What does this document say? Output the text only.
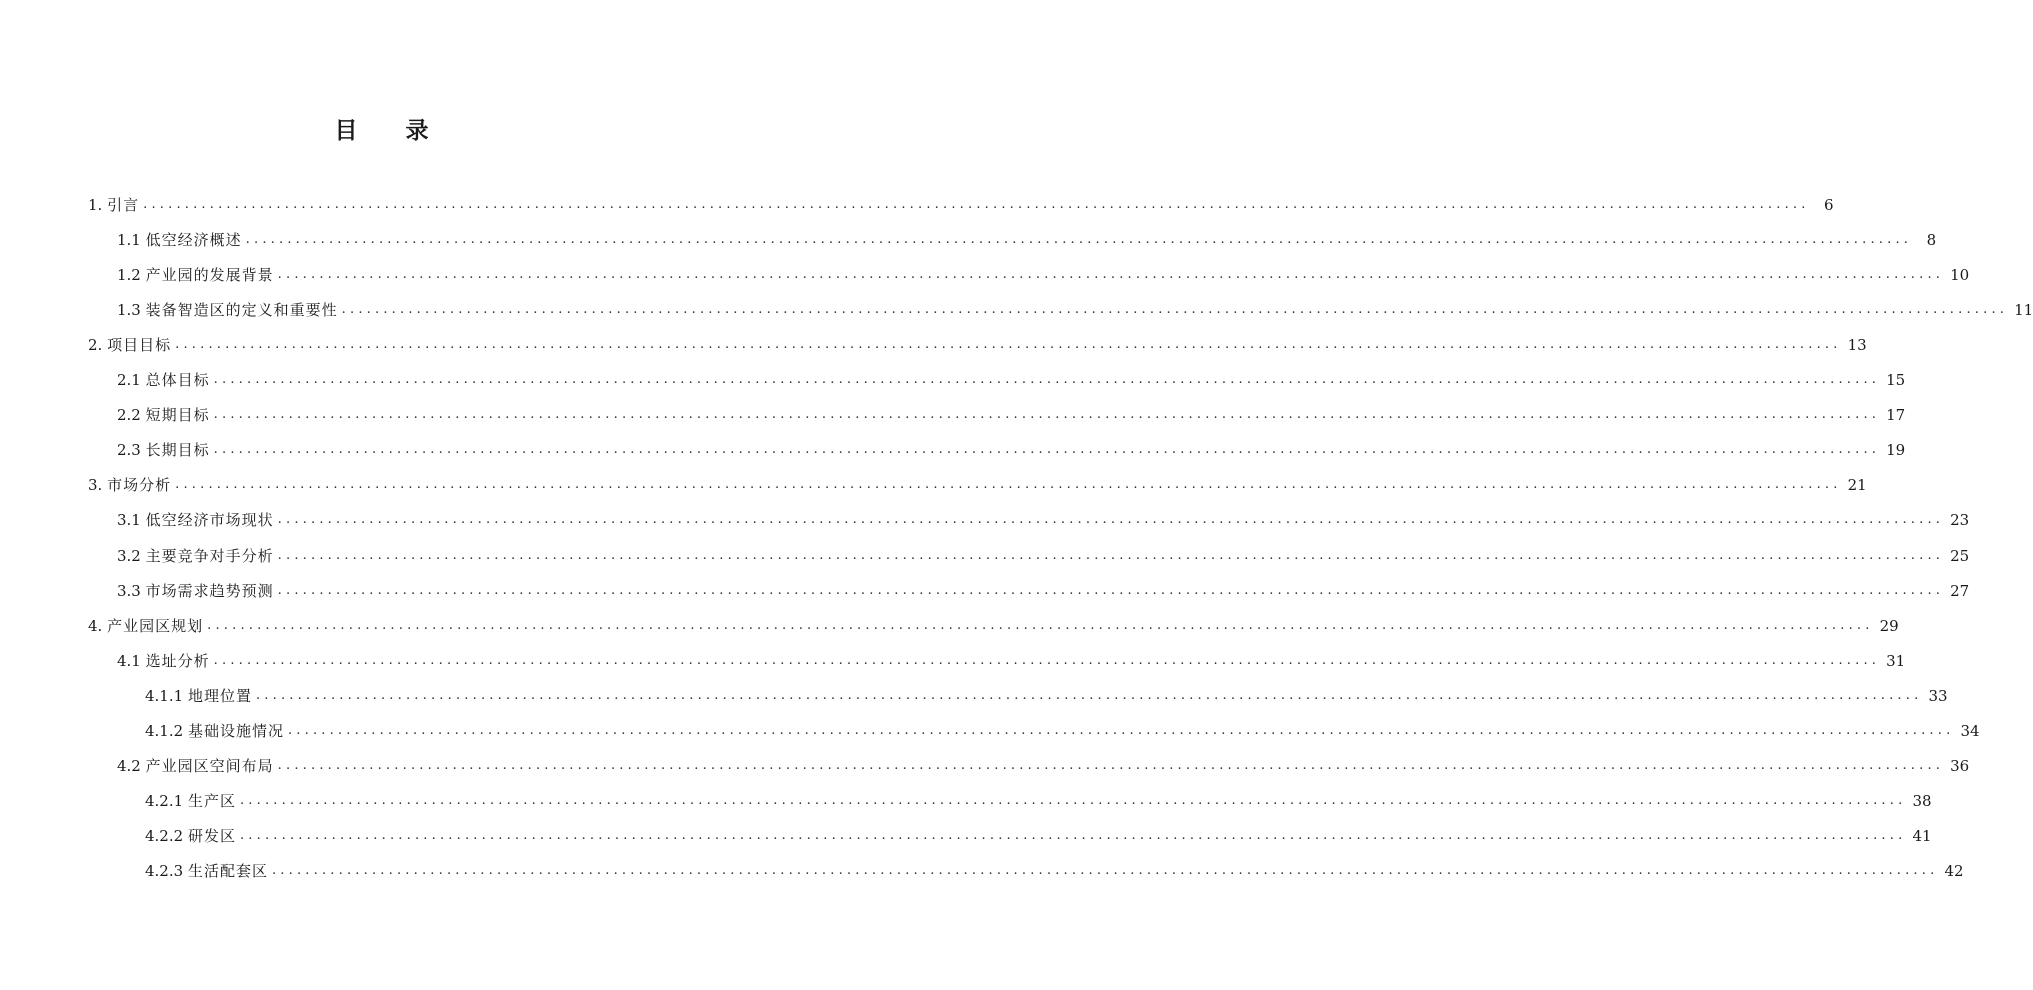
目 录
1.
引言 ........................................................................................................................................................................................................ 6
1.1
低空经济概述 ........................................................................................................................................................................................................ 8
1.2
产业园的发展背景 ........................................................................................................................................................................................................ 10
1.3
装备智造区的定义和重要性 ........................................................................................................................................................................................................ 11
2.
项目目标 ........................................................................................................................................................................................................ 13
2.1
总体目标 ........................................................................................................................................................................................................ 15
2.2
短期目标 ........................................................................................................................................................................................................ 17
2.3
长期目标 ........................................................................................................................................................................................................ 19
3.
市场分析 ........................................................................................................................................................................................................ 21
3.1
低空经济市场现状 ........................................................................................................................................................................................................ 23
3.2
主要竞争对手分析 ........................................................................................................................................................................................................ 25
3.3
市场需求趋势预测 ........................................................................................................................................................................................................ 27
4.
产业园区规划 ........................................................................................................................................................................................................ 29
4.1
选址分析 ........................................................................................................................................................................................................ 31
4.1.1
地理位置 ........................................................................................................................................................................................................ 33
4.1.2
基础设施情况 ........................................................................................................................................................................................................ 34
4.2
产业园区空间布局 ........................................................................................................................................................................................................ 36
4.2.1
生产区 ........................................................................................................................................................................................................ 38
4.2.2
研发区 ........................................................................................................................................................................................................ 41
4.2.3
生活配套区 ........................................................................................................................................................................................................ 42
